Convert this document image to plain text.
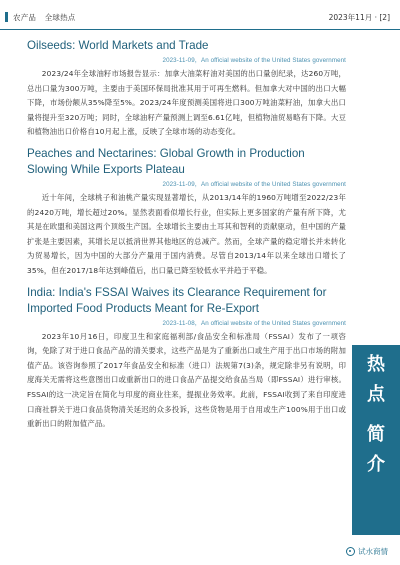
农产品 全球热点	2023年11月 · [2]
Oilseeds: World Markets and Trade
2023-11-09，An official website of the United States government
2023/24年全球油籽市场报告显示：加拿大油菜籽油对美国的出口量创纪录，达260万吨，总出口量为300万吨，主要由于美国环保局批准其用于可再生燃料。但加拿大对中国的出口大幅下降，市场份额从35%降至5%。2023/24年度预测美国将进口300万吨油菜籽油，加拿大出口量将提升至320万吨；同时，全球油籽产量预测上调至6.61亿吨，但植物油贸易略有下降。大豆和植物油出口价格自10月起上涨，反映了全球市场的动态变化。
Peaches and Nectarines: Global Growth in Production Slowing While Exports Plateau
2023-11-09，An official website of the United States government
近十年间，全球桃子和油桃产量实现显著增长，从2013/14年的1960万吨增至2022/23年的2420万吨，增长超过20%。显然表面看似增长行业，但实际上更多国家的产量有所下降，尤其是在欧盟和美国这两个顶级生产国。全球增长主要由土耳其和智利的贡献驱动，但中国的产量扩张是主要因素，其增长足以抵消世界其他地区的总减产。然而，全球产量的稳定增长并未转化为贸易增长，因为中国的大部分产量用于国内消费。尽管自2013/14年以来全球出口增长了35%，但在2017/18年达到峰值后，出口量已降至较低水平并趋于平稳。
India: India's FSSAI Waives its Clearance Requirement for Imported Food Products Meant for Re-Export
2023-11-08，An official website of the United States government
2023年10月16日，印度卫生和家庭福利部/食品安全和标准局（FSSAI）发布了一项咨询，免除了对于进口食品产品的清关要求，这些产品是为了重新出口或生产用于出口市场的附加值产品。该咨询参照了2017年食品安全和标准（进口）法规第7(3)条，规定除非另有说明，印度海关无需将这些意图出口或重新出口的进口食品产品提交给食品当局（即FSSAI）进行审核。FSSAI的这一决定旨在简化与印度的商业往来，提振业务效率。此前，FSSAI收到了来自印度进口商社群关于进口食品货物清关延迟的众多投诉，这些货物是用于自用或生产100%用于出口或重新出口的附加值产品。
热
点
简
介
试水商情
